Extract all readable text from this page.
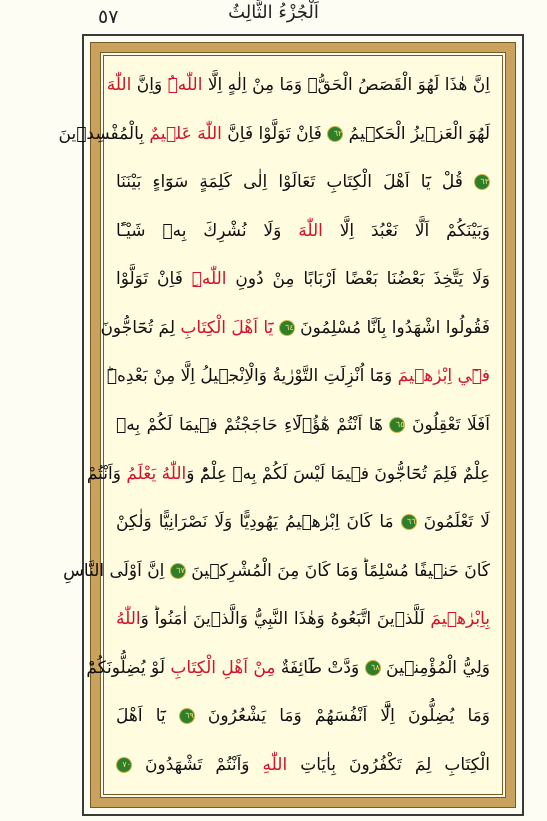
٥٧	اَلْجُزْءُ الثَّالِثُ
اِنَّ هٰذَا لَهُوَ الْقَصَصُ الْحَقُّۚ وَمَا مِنْ اِلٰهٍ اِلَّا اللّٰهُۜ وَاِنَّ اللّٰهَ
لَهُوَ الْعَز۪يزُ الْحَك۪يمُ ٦٢ فَاِنْ تَوَلَّوْا فَاِنَّ اللّٰهَ عَل۪يمٌ بِالْمُفْسِد۪ينَ
٦٣ قُلْ يَٓا اَهْلَ الْكِتَابِ تَعَالَوْا اِلٰى كَلِمَةٍ سَوَٓاءٍ بَيْنَنَا
وَبَيْنَكُمْ اَلَّا نَعْبُدَ اِلَّا اللّٰهَ وَلَا نُشْرِكَ بِه۪ شَيْـًٔا
وَلَا يَتَّخِذَ بَعْضُنَا بَعْضًا اَرْبَابًا مِنْ دُونِ اللّٰهِۜ فَاِنْ تَوَلَّوْا
فَقُولُوا اشْهَدُوا بِاَنَّا مُسْلِمُونَ ٦٤ يَٓا اَهْلَ الْكِتَابِ لِمَ تُحَٓاجُّونَ
ف۪ٓي اِبْرٰه۪يمَ وَمَٓا اُنْزِلَتِ التَّوْرٰيةُ وَالْاِنْج۪يلُ اِلَّا مِنْ بَعْدِه۪ؕ
اَفَلَا تَعْقِلُونَ ٦٥ هَٓا اَنْتُمْ هٰٓؤُ۬لَٓاءِ حَاجَجْتُمْ ف۪يمَا لَكُمْ بِه۪
عِلْمٌ فَلِمَ تُحَٓاجُّونَ ف۪يمَا لَيْسَ لَكُمْ بِه۪ عِلْمٌؕ وَاللّٰهُ يَعْلَمُ وَاَنْتُمْ
لَا تَعْلَمُونَ ٦٦ مَا كَانَ اِبْرٰه۪يمُ يَهُودِيًّا وَلَا نَصْرَانِيًّا وَلٰكِنْ
كَانَ حَن۪يفًا مُسْلِمًاؕ وَمَا كَانَ مِنَ الْمُشْرِك۪ينَ ٦٧ اِنَّ اَوْلَى النَّاسِ
بِاِبْرٰه۪يمَ لَلَّذ۪ينَ اتَّبَعُوهُ وَهٰذَا النَّبِيُّ وَالَّذ۪ينَ اٰمَنُواؕ وَاللّٰهُ
وَلِيُّ الْمُؤْمِن۪ينَ ٦٨ وَدَّتْ طَٓائِفَةٌ مِنْ اَهْلِ الْكِتَابِ لَوْ يُضِلُّونَكُمْؕ
وَمَا يُضِلُّونَ اِلَّٓا اَنْفُسَهُمْ وَمَا يَشْعُرُونَ ٦٩ يَٓا اَهْلَ
الْكِتَابِ لِمَ تَكْفُرُونَ بِاٰيَاتِ اللّٰهِ وَاَنْتُمْ تَشْهَدُونَ ٧٠
